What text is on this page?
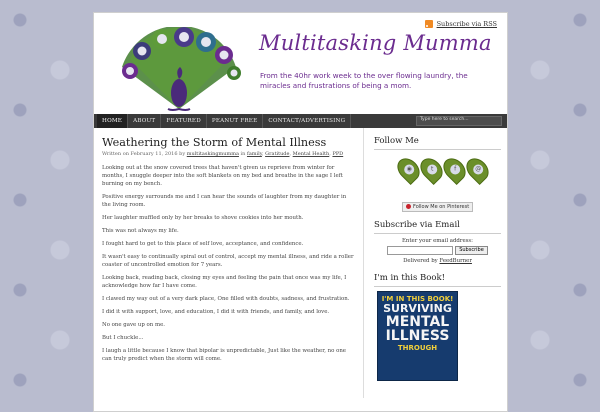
Subscribe via RSS
Multitasking Mumma
From the 40hr work week to the over flowing laundry, the miracles and frustrations of being a mom.
HOME	ABOUT	FEATURED	PEANUT FREE	CONTACT/ADVERTISING	Type here to search...
Weathering the Storm of Mental Illness
Written on February 11, 2016 by multitaskingmumma in family, Gratitude, Mental Health, PPD

Looking out at the snow covered trees that haven't given us reprieve from winter for months, I snuggle deeper into the soft blankets on my bed and breathe in the sage I left burning on my bench.

Positive energy surrounds me and I can hear the sounds of laughter from my daughter in the living room.

Her laughter muffled only by her breaks to shove cookies into her mouth.

This was not always my life.

I fought hard to get to this place of self love, acceptance, and confidence.

It wasn't easy to continually spiral out of control, accept my mental illness, and ride a roller coaster of uncontrolled emotion for 7 years.

Looking back, reading back, closing my eyes and feeling the pain that once was my life, I acknowledge how far I have come.

I clawed my way out of a very dark place, One filled with doubts, sadness, and frustration.

I did it with support, love, and education, I did it with friends, and family, and love.

No one gave up on me.

But I chuckle...

I laugh a little because I know that bipolar is unpredictable, Just like the weather, no one can truly predict when the storm will come.

Follow Me
◉	t	f	@
Follow Me on Pinterest
Subscribe via Email
Enter your email address:
Subscribe
Delivered by FeedBurner
I'm in this Book!
I'M IN THIS BOOK!
SURVIVING
MENTAL
ILLNESS
THROUGH
